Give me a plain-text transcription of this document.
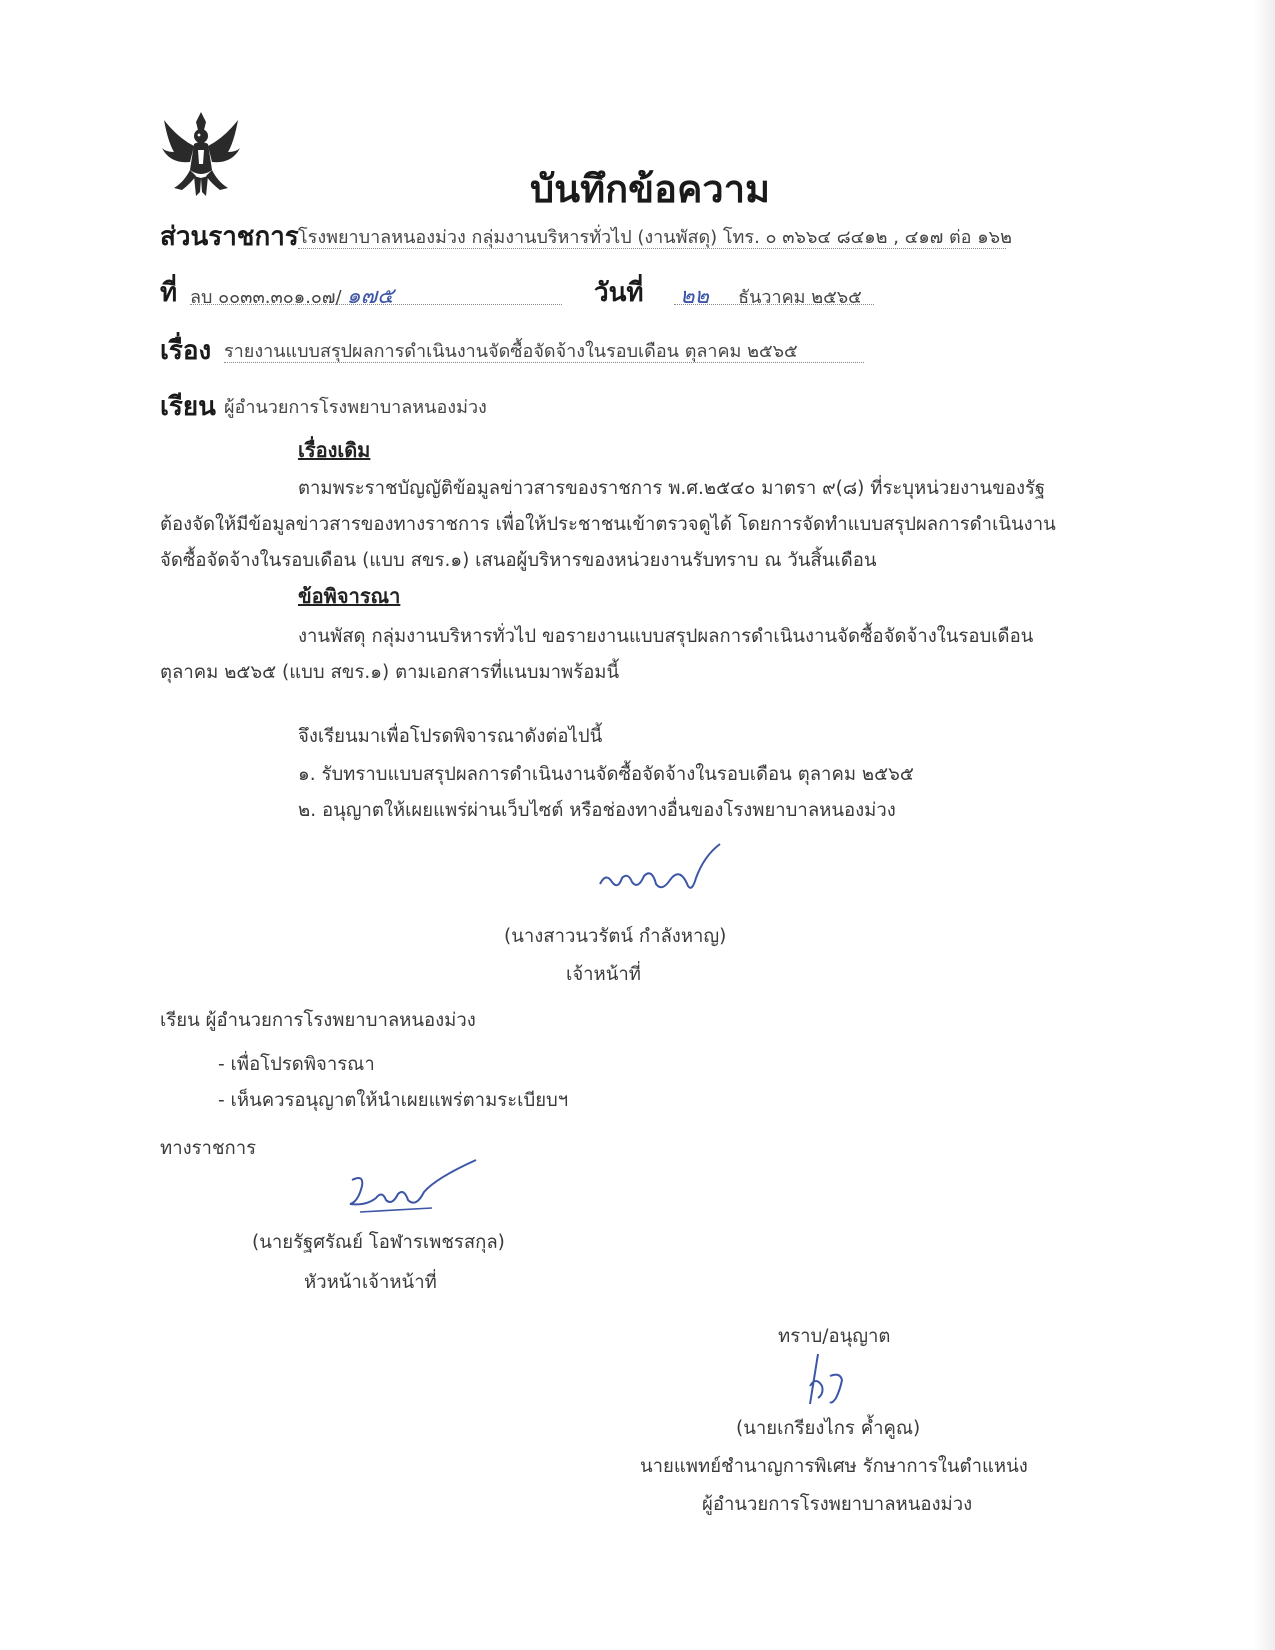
บันทึกข้อความ
ส่วนราชการ โรงพยาบาลหนองม่วง กลุ่มงานบริหารทั่วไป (งานพัสดุ) โทร. ๐ ๓๖๖๔ ๘๔๑๒ , ๔๑๗ ต่อ ๑๖๒
ที่ ลบ ๐๐๓๓.๓๐๑.๐๗/ ๑๗๕	วันที่ ๒๒ ธันวาคม ๒๕๖๕
เรื่อง รายงานแบบสรุปผลการดำเนินงานจัดซื้อจัดจ้างในรอบเดือน ตุลาคม ๒๕๖๕
เรียน ผู้อำนวยการโรงพยาบาลหนองม่วง
เรื่องเดิม
ตามพระราชบัญญัติข้อมูลข่าวสารของราชการ พ.ศ.๒๕๔๐ มาตรา ๙(๘) ที่ระบุหน่วยงานของรัฐ
ต้องจัดให้มีข้อมูลข่าวสารของทางราชการ เพื่อให้ประชาชนเข้าตรวจดูได้ โดยการจัดทำแบบสรุปผลการดำเนินงาน
จัดซื้อจัดจ้างในรอบเดือน (แบบ สขร.๑) เสนอผู้บริหารของหน่วยงานรับทราบ ณ วันสิ้นเดือน
ข้อพิจารณา
งานพัสดุ กลุ่มงานบริหารทั่วไป ขอรายงานแบบสรุปผลการดำเนินงานจัดซื้อจัดจ้างในรอบเดือน
ตุลาคม ๒๕๖๕ (แบบ สขร.๑) ตามเอกสารที่แนบมาพร้อมนี้
จึงเรียนมาเพื่อโปรดพิจารณาดังต่อไปนี้
๑. รับทราบแบบสรุปผลการดำเนินงานจัดซื้อจัดจ้างในรอบเดือน ตุลาคม ๒๕๖๕
๒. อนุญาตให้เผยแพร่ผ่านเว็บไซต์ หรือช่องทางอื่นของโรงพยาบาลหนองม่วง
(นางสาวนวรัตน์ กำลังหาญ)
เจ้าหน้าที่
เรียน ผู้อำนวยการโรงพยาบาลหนองม่วง
- เพื่อโปรดพิจารณา
- เห็นควรอนุญาตให้นำเผยแพร่ตามระเบียบฯ
ทางราชการ
(นายรัฐศรัณย์ โอฬารเพชรสกุล)
หัวหน้าเจ้าหน้าที่
ทราบ/อนุญาต
(นายเกรียงไกร ค้ำคูณ)
นายแพทย์ชำนาญการพิเศษ รักษาการในตำแหน่ง
ผู้อำนวยการโรงพยาบาลหนองม่วง
